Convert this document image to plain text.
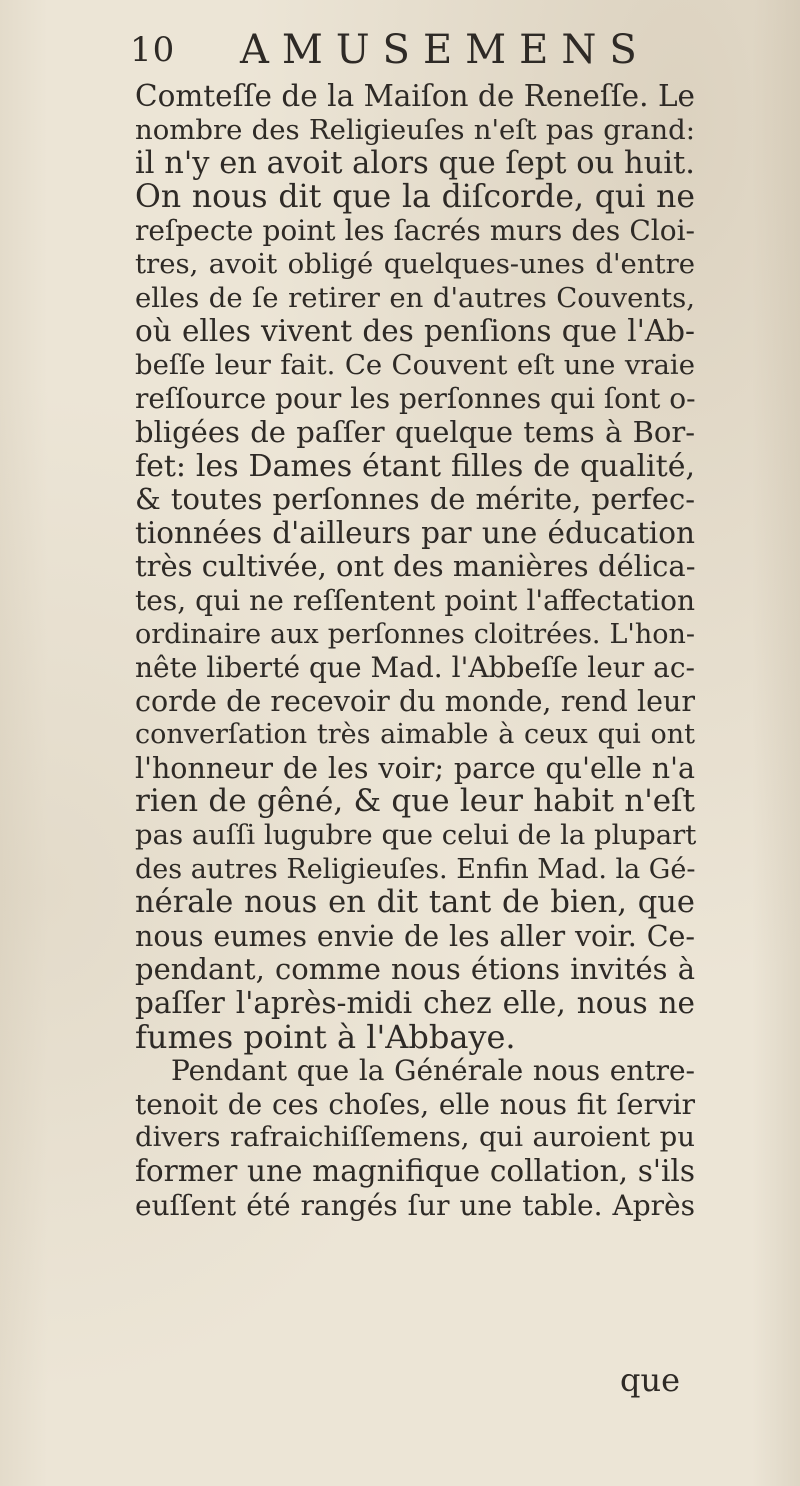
10 AMUSEMENS
Comteſſe de la Maiſon de Reneſſe. Le
nombre des Religieuſes n'eſt pas grand:
il n'y en avoit alors que ſept ou huit.
On nous dit que la diſcorde, qui ne
reſpecte point les ſacrés murs des Cloi-
tres, avoit obligé quelques-unes d'entre
elles de ſe retirer en d'autres Couvents,
où elles vivent des penſions que l'Ab-
beſſe leur fait. Ce Couvent eſt une vraie
reſſource pour les perſonnes qui ſont o-
bligées de paſſer quelque tems à Bor-
fet: les Dames étant filles de qualité,
& toutes perſonnes de mérite, perfec-
tionnées d'ailleurs par une éducation
très cultivée, ont des manières délica-
tes, qui ne reſſentent point l'affectation
ordinaire aux perſonnes cloitrées. L'hon-
nête liberté que Mad. l'Abbeſſe leur ac-
corde de recevoir du monde, rend leur
converſation très aimable à ceux qui ont
l'honneur de les voir; parce qu'elle n'a
rien de gêné, & que leur habit n'eſt
pas auſſi lugubre que celui de la plupart
des autres Religieuſes. Enfin Mad. la Gé-
nérale nous en dit tant de bien, que
nous eumes envie de les aller voir. Ce-
pendant, comme nous étions invités à
paſſer l'après-midi chez elle, nous ne
fumes point à l'Abbaye.
Pendant que la Générale nous entre-
tenoit de ces choſes, elle nous fit ſervir
divers rafraichiſſemens, qui auroient pu
former une magnifique collation, s'ils
euſſent été rangés ſur une table. Après
que
